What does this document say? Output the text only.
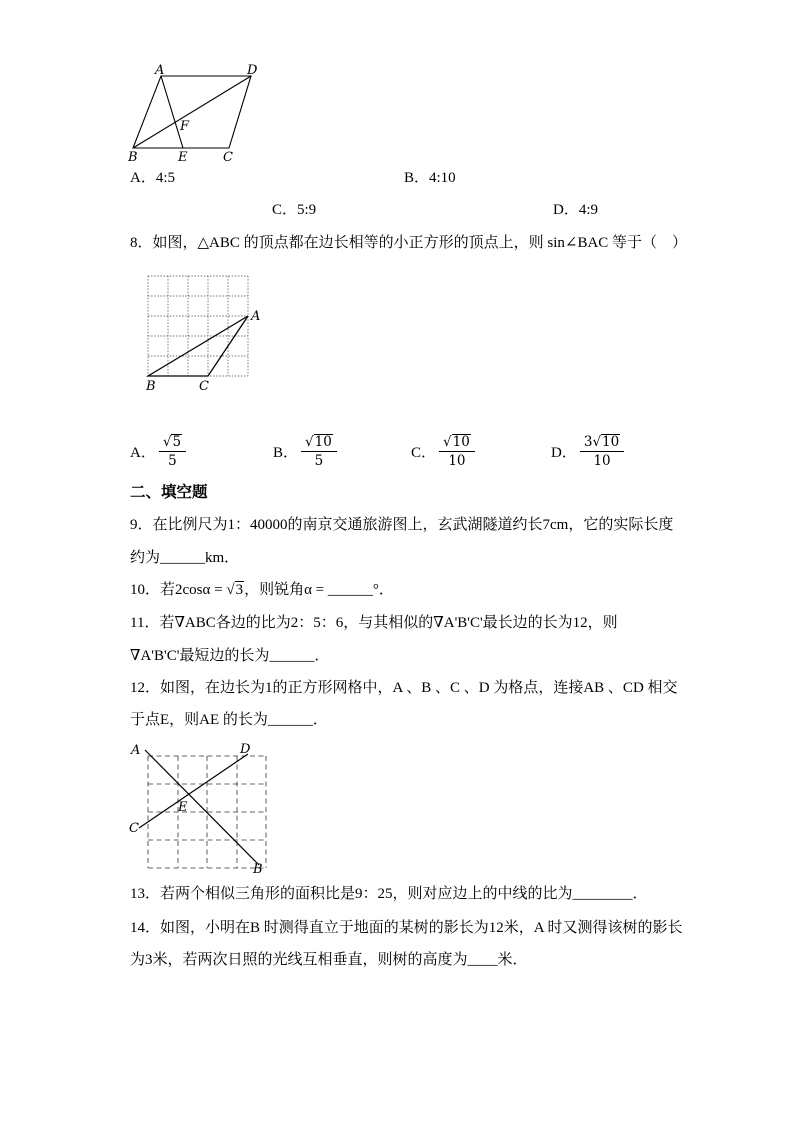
A	D
B	E	C
F
A．4:5	B．4:10
C．5:9	D．4:9
8．如图，△ABC 的顶点都在边长相等的小正方形的顶点上，则 sin∠BAC 等于（　）
A
B	C
A． $\frac{√ 5}{5}$	B． $\frac{√ 10}{5}$	C． $\frac{√ 10}{10}$	D． $\frac{3 √ 10}{10}$
二、填空题
9．在比例尺为1：40000的南京交通旅游图上，玄武湖隧道约长7cm，它的实际长度
约为______km．
10．若2cosα = √3，则锐角α = ______°．
11．若∇ABC各边的比为2：5：6，与其相似的∇A'B'C'最长边的长为12，则
∇A'B'C'最短边的长为______．
12．如图，在边长为1的正方形网格中，A 、B 、C 、D 为格点，连接AB 、CD 相交
于点E，则AE 的长为______．
A	D
C
B
E
13．若两个相似三角形的面积比是9：25，则对应边上的中线的比为________．
14．如图，小明在B 时测得直立于地面的某树的影长为12米，A 时又测得该树的影长
为3米，若两次日照的光线互相垂直，则树的高度为____米．
